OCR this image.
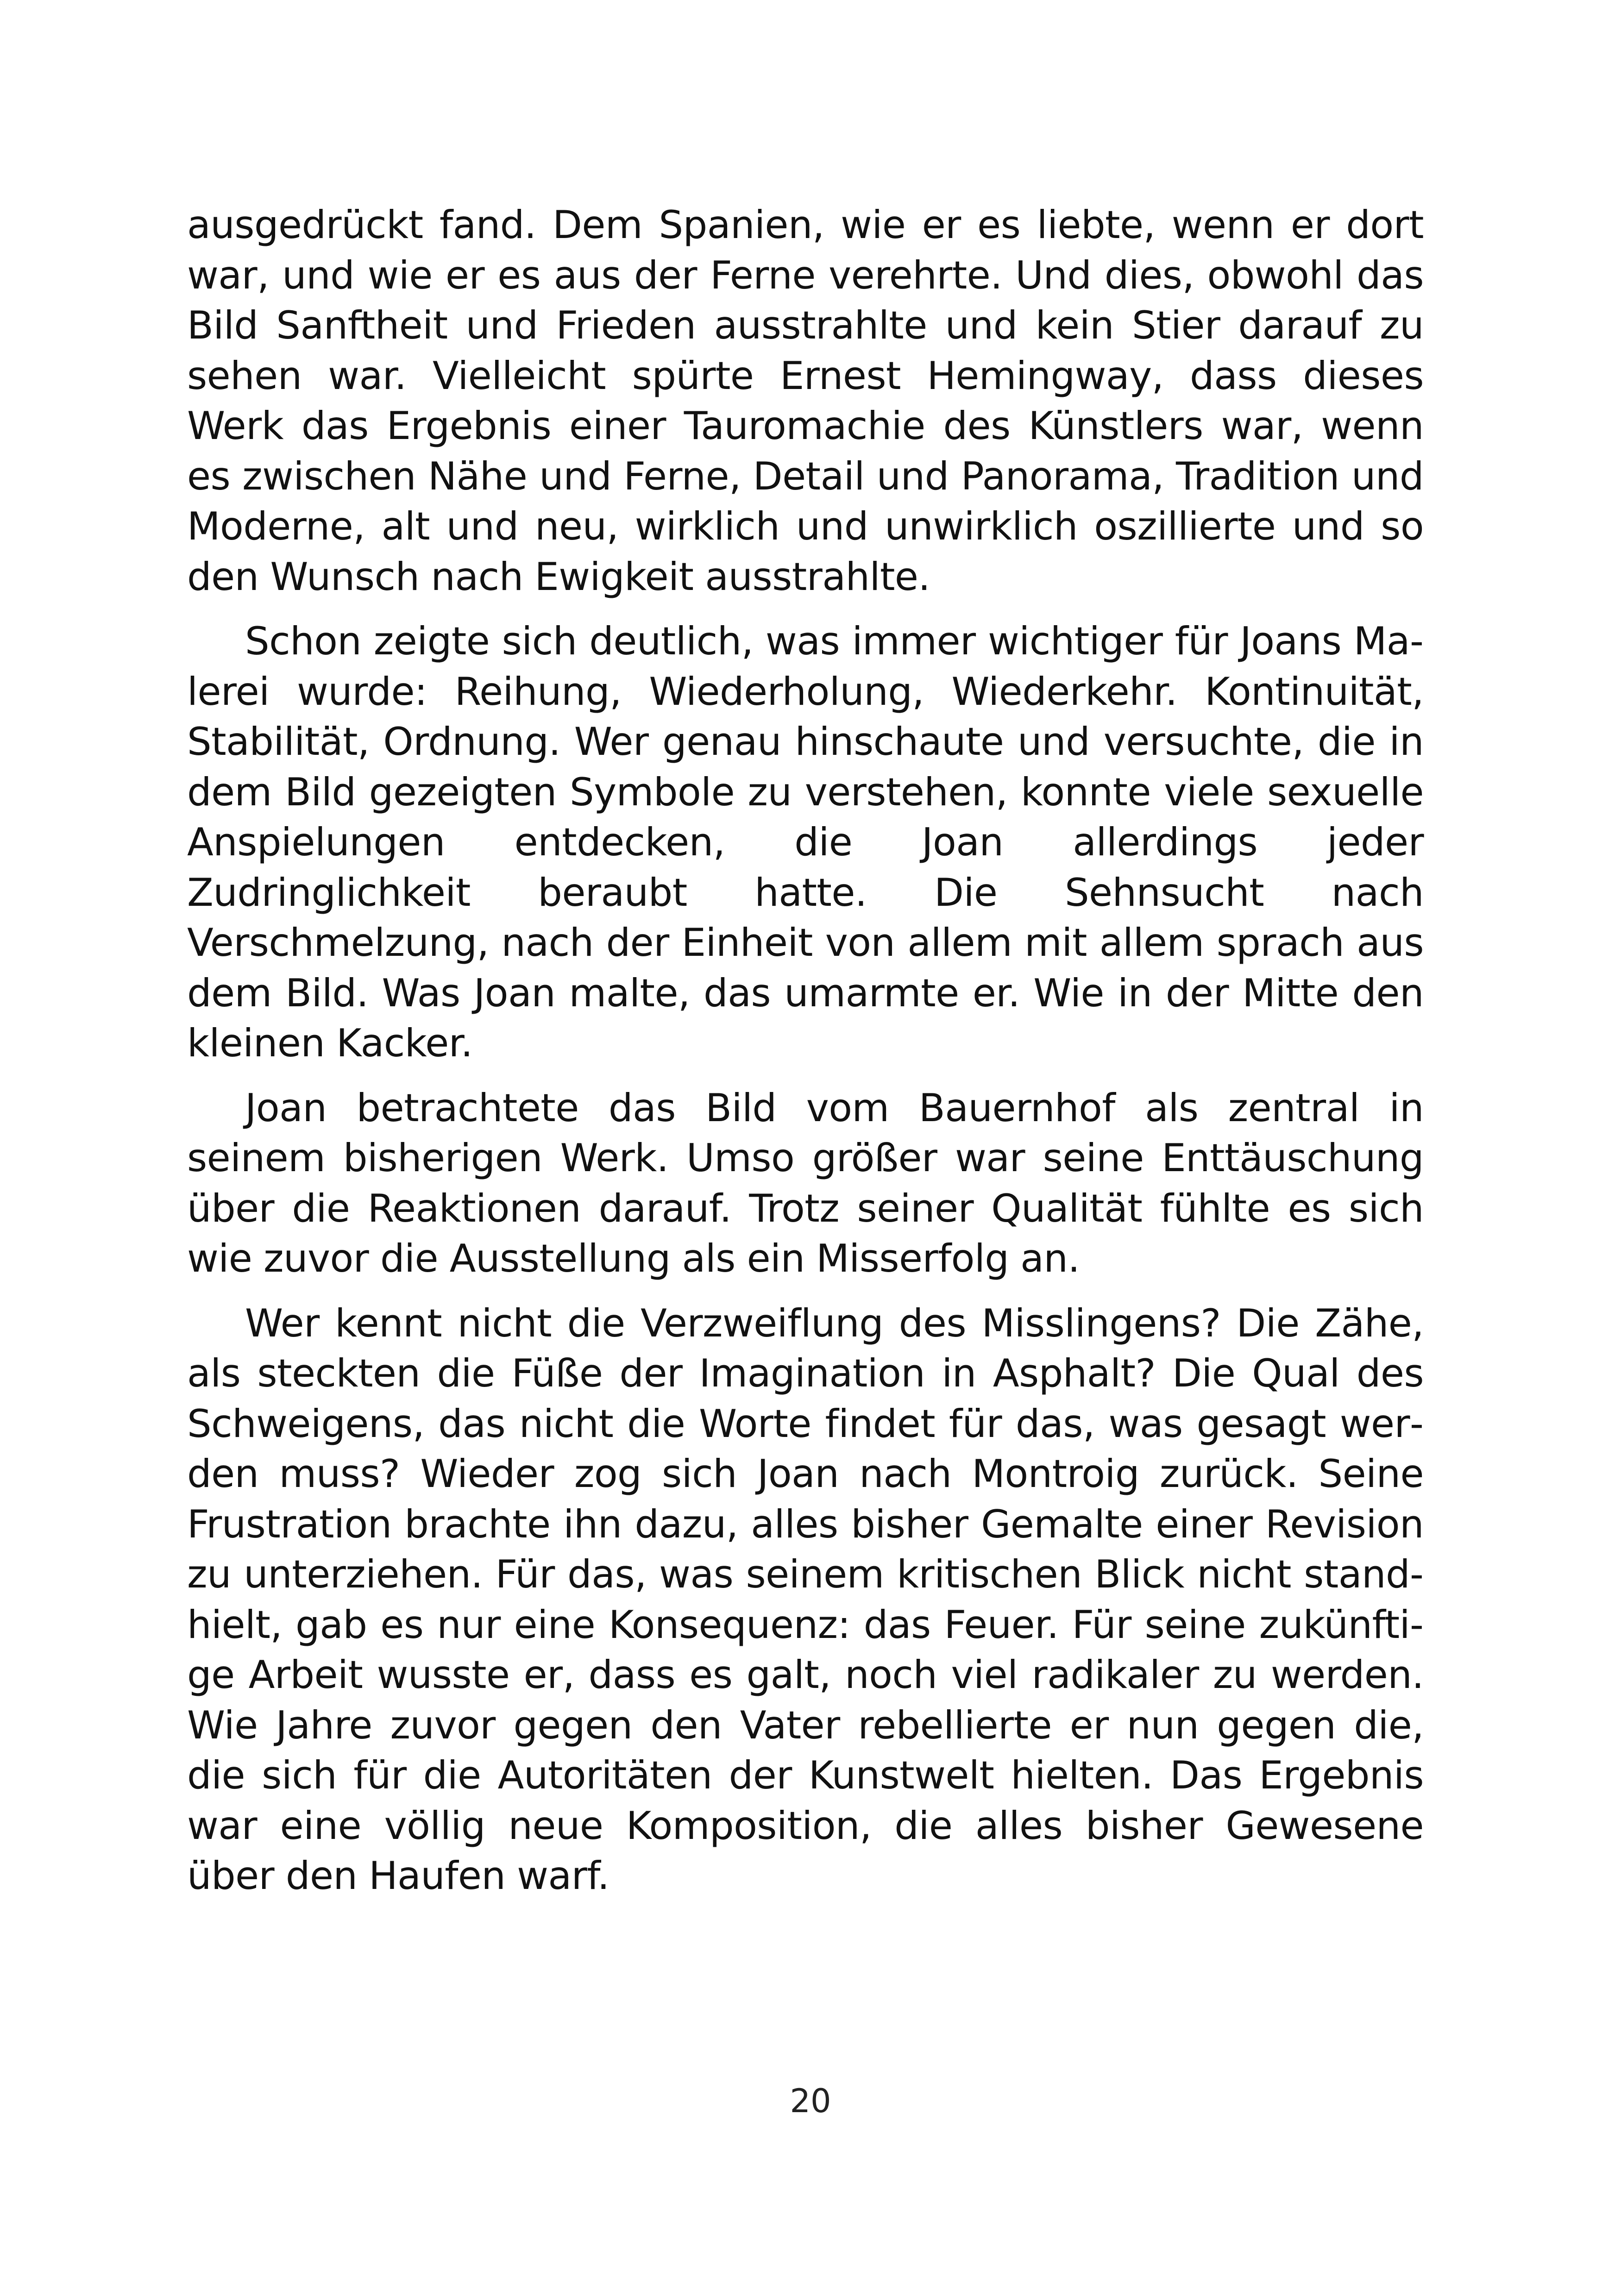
ausgedrückt fand. Dem Spanien, wie er es liebte, wenn er dort war, und wie er es aus der Ferne verehrte. Und dies, obwohl das Bild Sanftheit und Frieden ausstrahlte und kein Stier darauf zu sehen war. Vielleicht spürte Ernest Hemingway, dass dieses Werk das Ergebnis einer Tauromachie des Künstlers war, wenn es zwischen Nähe und Ferne, Detail und Panorama, Tradition und Moderne, alt und neu, wirklich und unwirklich oszillierte und so den Wunsch nach Ewigkeit ausstrahlte.

Schon zeigte sich deutlich, was immer wichtiger für Joans Malerei wurde: Reihung, Wiederholung, Wiederkehr. Kontinuität, Stabilität, Ordnung. Wer genau hinschaute und versuchte, die in dem Bild gezeigten Symbole zu verstehen, konnte viele sexuelle Anspielungen entdecken, die Joan allerdings jeder Zudringlichkeit beraubt hatte. Die Sehnsucht nach Verschmelzung, nach der Einheit von allem mit allem sprach aus dem Bild. Was Joan malte, das umarmte er. Wie in der Mitte den kleinen Kacker.

Joan betrachtete das Bild vom Bauernhof als zentral in seinem bisherigen Werk. Umso größer war seine Enttäuschung über die Reaktionen darauf. Trotz seiner Qualität fühlte es sich wie zuvor die Ausstellung als ein Misserfolg an.

Wer kennt nicht die Verzweiflung des Misslingens? Die Zähe, als steckten die Füße der Imagination in Asphalt? Die Qual des Schweigens, das nicht die Worte findet für das, was gesagt werden muss? Wieder zog sich Joan nach Montroig zurück. Seine Frustration brachte ihn dazu, alles bisher Gemalte einer Revision zu unterziehen. Für das, was seinem kritischen Blick nicht standhielt, gab es nur eine Konsequenz: das Feuer. Für seine zukünftige Arbeit wusste er, dass es galt, noch viel radikaler zu werden. Wie Jahre zuvor gegen den Vater rebellierte er nun gegen die, die sich für die Autoritäten der Kunstwelt hielten. Das Ergebnis war eine völlig neue Komposition, die alles bisher Gewesene über den Haufen warf.

20
